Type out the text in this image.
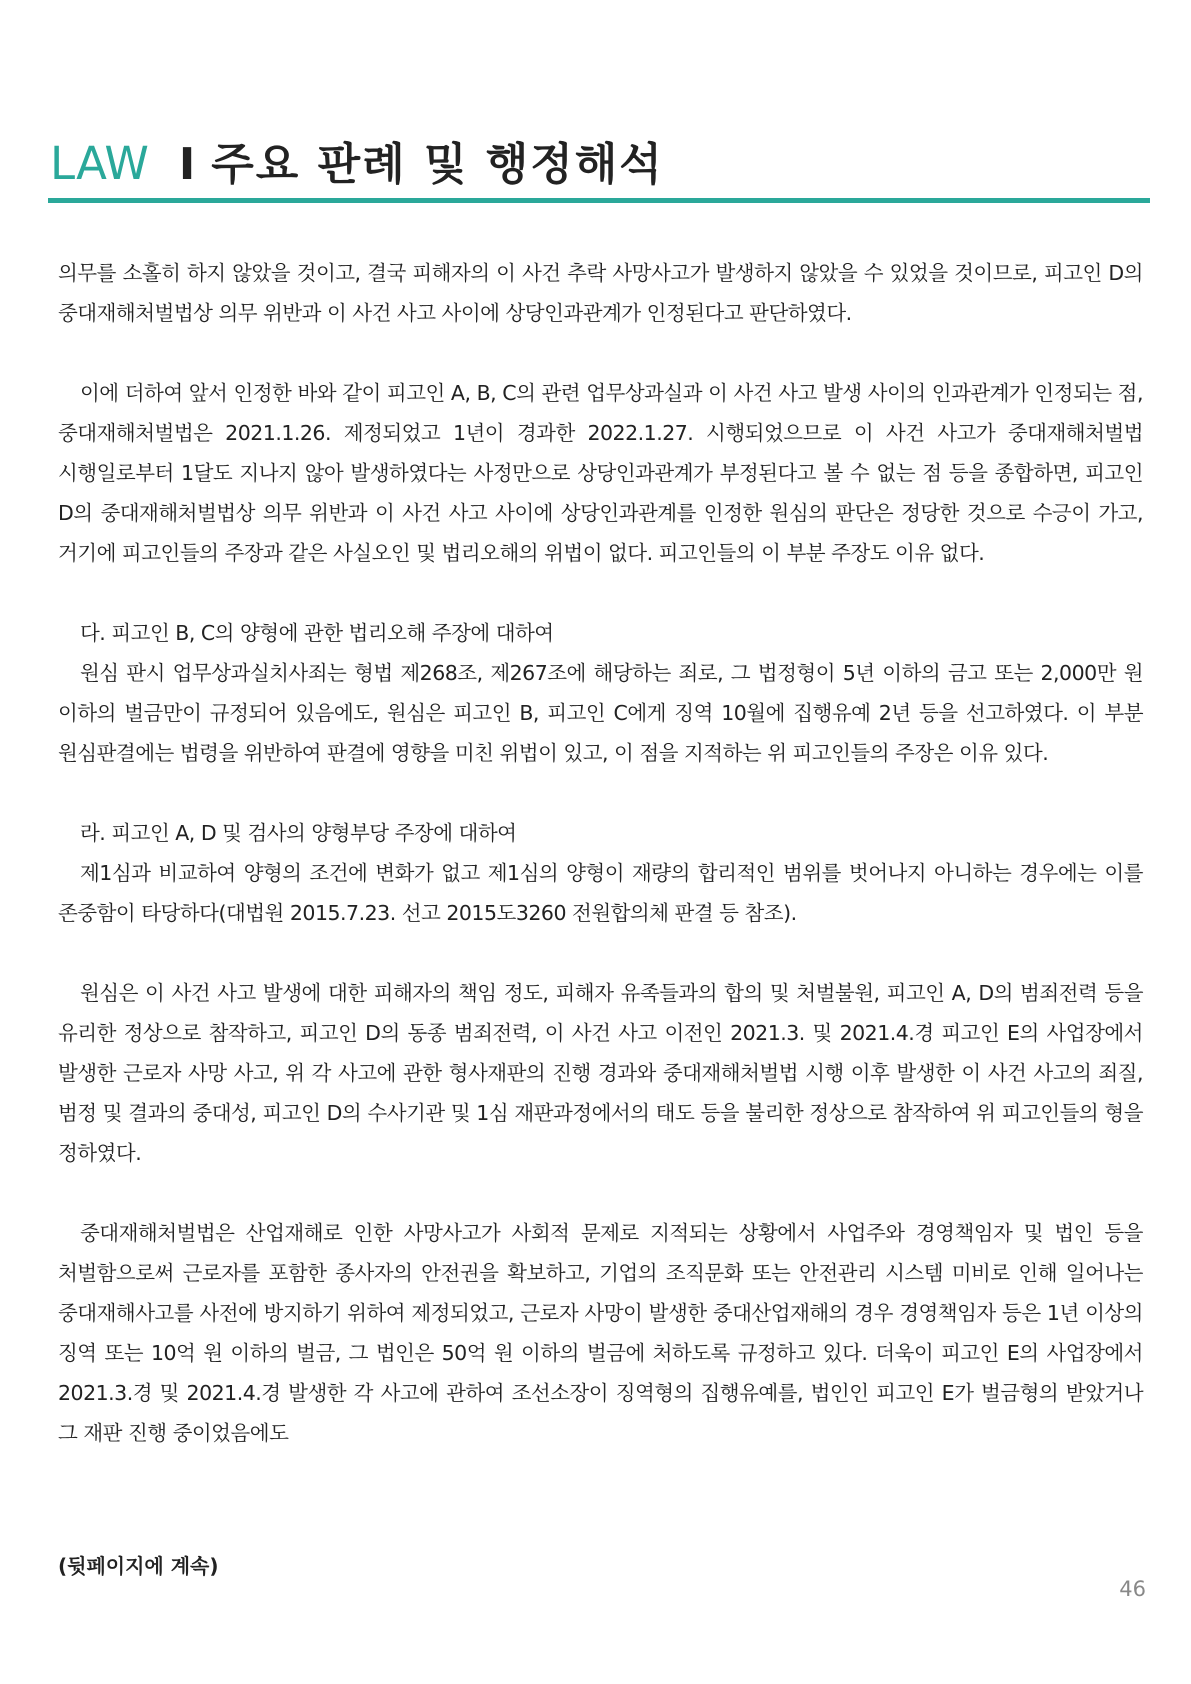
LAW I 주요 판례 및 행정해석

의무를 소홀히 하지 않았을 것이고, 결국 피해자의 이 사건 추락 사망사고가 발생하지 않았을 수 있었을 것이므로, 피고인 D의 중대재해처벌법상 의무 위반과 이 사건 사고 사이에 상당인과관계가 인정된다고 판단하였다.

이에 더하여 앞서 인정한 바와 같이 피고인 A, B, C의 관련 업무상과실과 이 사건 사고 발생 사이의 인과관계가 인정되는 점, 중대재해처벌법은 2021.1.26. 제정되었고 1년이 경과한 2022.1.27. 시행되었으므로 이 사건 사고가 중대재해처벌법 시행일로부터 1달도 지나지 않아 발생하였다는 사정만으로 상당인과관계가 부정된다고 볼 수 없는 점 등을 종합하면, 피고인 D의 중대재해처벌법상 의무 위반과 이 사건 사고 사이에 상당인과관계를 인정한 원심의 판단은 정당한 것으로 수긍이 가고, 거기에 피고인들의 주장과 같은 사실오인 및 법리오해의 위법이 없다. 피고인들의 이 부분 주장도 이유 없다.

다. 피고인 B, C의 양형에 관한 법리오해 주장에 대하여

원심 판시 업무상과실치사죄는 형법 제268조, 제267조에 해당하는 죄로, 그 법정형이 5년 이하의 금고 또는 2,000만 원 이하의 벌금만이 규정되어 있음에도, 원심은 피고인 B, 피고인 C에게 징역 10월에 집행유예 2년 등을 선고하였다. 이 부분 원심판결에는 법령을 위반하여 판결에 영향을 미친 위법이 있고, 이 점을 지적하는 위 피고인들의 주장은 이유 있다.

라. 피고인 A, D 및 검사의 양형부당 주장에 대하여

제1심과 비교하여 양형의 조건에 변화가 없고 제1심의 양형이 재량의 합리적인 범위를 벗어나지 아니하는 경우에는 이를 존중함이 타당하다(대법원 2015.7.23. 선고 2015도3260 전원합의체 판결 등 참조).

원심은 이 사건 사고 발생에 대한 피해자의 책임 정도, 피해자 유족들과의 합의 및 처벌불원, 피고인 A, D의 범죄전력 등을 유리한 정상으로 참작하고, 피고인 D의 동종 범죄전력, 이 사건 사고 이전인 2021.3. 및 2021.4.경 피고인 E의 사업장에서 발생한 근로자 사망 사고, 위 각 사고에 관한 형사재판의 진행 경과와 중대재해처벌법 시행 이후 발생한 이 사건 사고의 죄질, 범정 및 결과의 중대성, 피고인 D의 수사기관 및 1심 재판과정에서의 태도 등을 불리한 정상으로 참작하여 위 피고인들의 형을 정하였다.

중대재해처벌법은 산업재해로 인한 사망사고가 사회적 문제로 지적되는 상황에서 사업주와 경영책임자 및 법인 등을 처벌함으로써 근로자를 포함한 종사자의 안전권을 확보하고, 기업의 조직문화 또는 안전관리 시스템 미비로 인해 일어나는 중대재해사고를 사전에 방지하기 위하여 제정되었고, 근로자 사망이 발생한 중대산업재해의 경우 경영책임자 등은 1년 이상의 징역 또는 10억 원 이하의 벌금, 그 법인은 50억 원 이하의 벌금에 처하도록 규정하고 있다. 더욱이 피고인 E의 사업장에서 2021.3.경 및 2021.4.경 발생한 각 사고에 관하여 조선소장이 징역형의 집행유예를, 법인인 피고인 E가 벌금형의 받았거나 그 재판 진행 중이었음에도

(뒷페이지에 계속)
46
